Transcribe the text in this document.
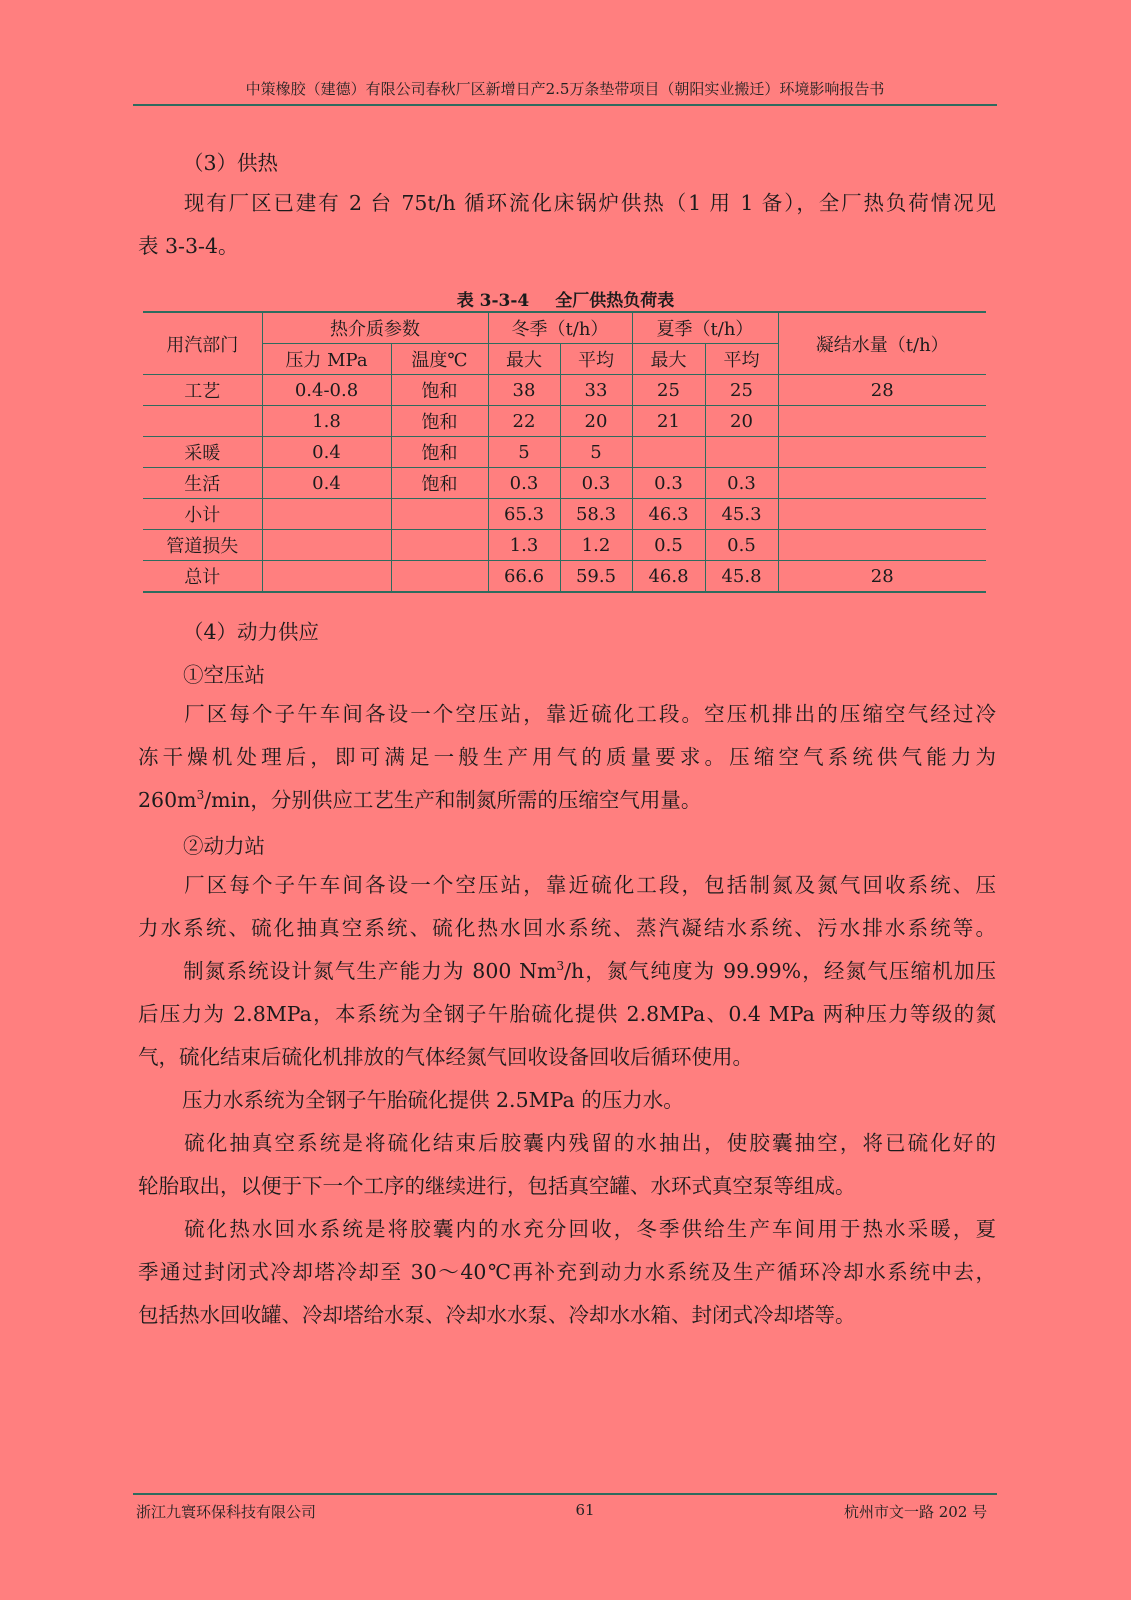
中策橡胶（建德）有限公司春秋厂区新增日产2.5万条垫带项目（朝阳实业搬迁）环境影响报告书
（3）供热
现有厂区已建有 2 台 75t/h 循环流化床锅炉供热（1 用 1 备），全厂热负荷情况见
表 3-3-4。
表 3-3-4 全厂供热负荷表
用汽部门	热介质参数		冬季（t/h）		夏季（t/h）		凝结水量（t/h）
	压力 MPa	温度℃	最大	平均	最大	平均	
工艺	0.4-0.8	饱和	38	33	25	25	28
	1.8	饱和	22	20	21	20	
采暖	0.4	饱和	5	5			
生活	0.4	饱和	0.3	0.3	0.3	0.3	
小计			65.3	58.3	46.3	45.3	
管道损失			1.3	1.2	0.5	0.5	
总计			66.6	59.5	46.8	45.8	28
（4）动力供应
①空压站
厂区每个子午车间各设一个空压站，靠近硫化工段。空压机排出的压缩空气经过冷
冻干燥机处理后，即可满足一般生产用气的质量要求。压缩空气系统供气能力为
$260m^3/\min$，分别供应工艺生产和制氮所需的压缩空气用量。
②动力站
厂区每个子午车间各设一个空压站，靠近硫化工段，包括制氮及氮气回收系统、压
力水系统、硫化抽真空系统、硫化热水回水系统、蒸汽凝结水系统、污水排水系统等。
制氮系统设计氮气生产能力为 800 Nm$^3$/h，氮气纯度为 99.99%，经氮气压缩机加压
后压力为 2.8MPa，本系统为全钢子午胎硫化提供 2.8MPa、0.4 MPa 两种压力等级的氮
气，硫化结束后硫化机排放的气体经氮气回收设备回收后循环使用。
压力水系统为全钢子午胎硫化提供 2.5MPa 的压力水。
硫化抽真空系统是将硫化结束后胶囊内残留的水抽出，使胶囊抽空，将已硫化好的
轮胎取出，以便于下一个工序的继续进行，包括真空罐、水环式真空泵等组成。
硫化热水回水系统是将胶囊内的水充分回收，冬季供给生产车间用于热水采暖，夏
季通过封闭式冷却塔冷却至 30～40℃再补充到动力水系统及生产循环冷却水系统中去，
包括热水回收罐、冷却塔给水泵、冷却水水泵、冷却水水箱、封闭式冷却塔等。
浙江九寰环保科技有限公司	61	杭州市文一路 202 号
